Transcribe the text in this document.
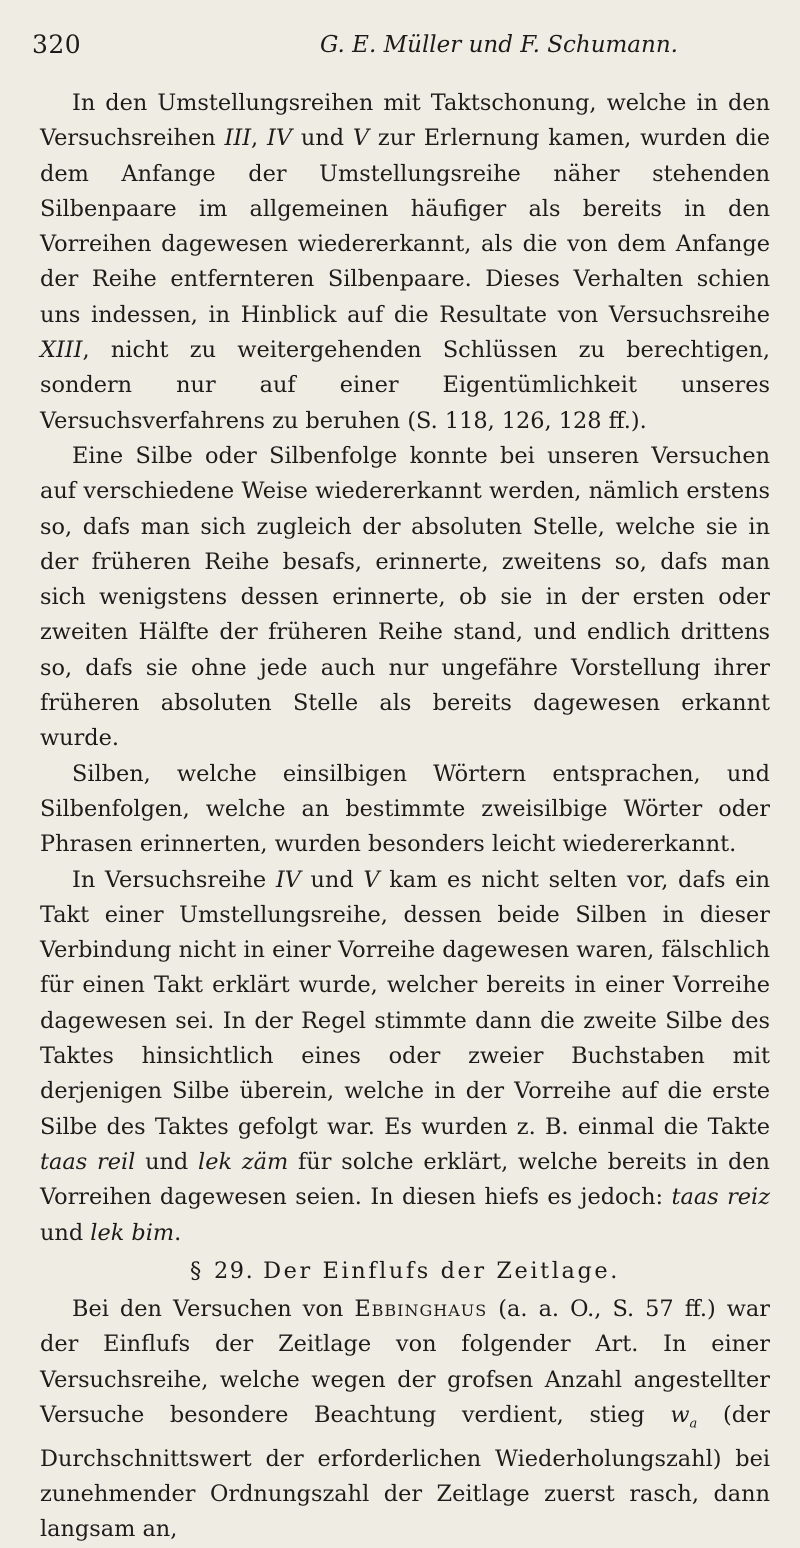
320	G. E. Müller und F. Schumann.

In den Umstellungsreihen mit Taktschonung, welche in den Versuchsreihen III, IV und V zur Erlernung kamen, wurden die dem Anfange der Umstellungsreihe näher stehenden Silbenpaare im allgemeinen häufiger als bereits in den Vorreihen dagewesen wiedererkannt, als die von dem Anfange der Reihe entfernteren Silbenpaare. Dieses Verhalten schien uns indessen, in Hinblick auf die Resultate von Versuchsreihe XIII, nicht zu weitergehenden Schlüssen zu berechtigen, sondern nur auf einer Eigentümlichkeit unseres Versuchsverfahrens zu beruhen (S. 118, 126, 128 ff.).

Eine Silbe oder Silbenfolge konnte bei unseren Versuchen auf verschiedene Weise wiedererkannt werden, nämlich erstens so, dafs man sich zugleich der absoluten Stelle, welche sie in der früheren Reihe besafs, erinnerte, zweitens so, dafs man sich wenigstens dessen erinnerte, ob sie in der ersten oder zweiten Hälfte der früheren Reihe stand, und endlich drittens so, dafs sie ohne jede auch nur ungefähre Vorstellung ihrer früheren absoluten Stelle als bereits dagewesen erkannt wurde.

Silben, welche einsilbigen Wörtern entsprachen, und Silbenfolgen, welche an bestimmte zweisilbige Wörter oder Phrasen erinnerten, wurden besonders leicht wiedererkannt.

In Versuchsreihe IV und V kam es nicht selten vor, dafs ein Takt einer Umstellungsreihe, dessen beide Silben in dieser Verbindung nicht in einer Vorreihe dagewesen waren, fälschlich für einen Takt erklärt wurde, welcher bereits in einer Vorreihe dagewesen sei. In der Regel stimmte dann die zweite Silbe des Taktes hinsichtlich eines oder zweier Buchstaben mit derjenigen Silbe überein, welche in der Vorreihe auf die erste Silbe des Taktes gefolgt war. Es wurden z. B. einmal die Takte taas reil und lek zäm für solche erklärt, welche bereits in den Vorreihen dagewesen seien. In diesen hiefs es jedoch: taas reiz und lek bim.

§ 29. Der Einflufs der Zeitlage.

Bei den Versuchen von Ebbinghaus (a. a. O., S. 57 ff.) war der Einflufs der Zeitlage von folgender Art. In einer Versuchsreihe, welche wegen der grofsen Anzahl angestellter Versuche besondere Beachtung verdient, stieg $w_a$ (der Durchschnittswert der erforderlichen Wiederholungszahl) bei zunehmender Ordnungszahl der Zeitlage zuerst rasch, dann langsam an,
